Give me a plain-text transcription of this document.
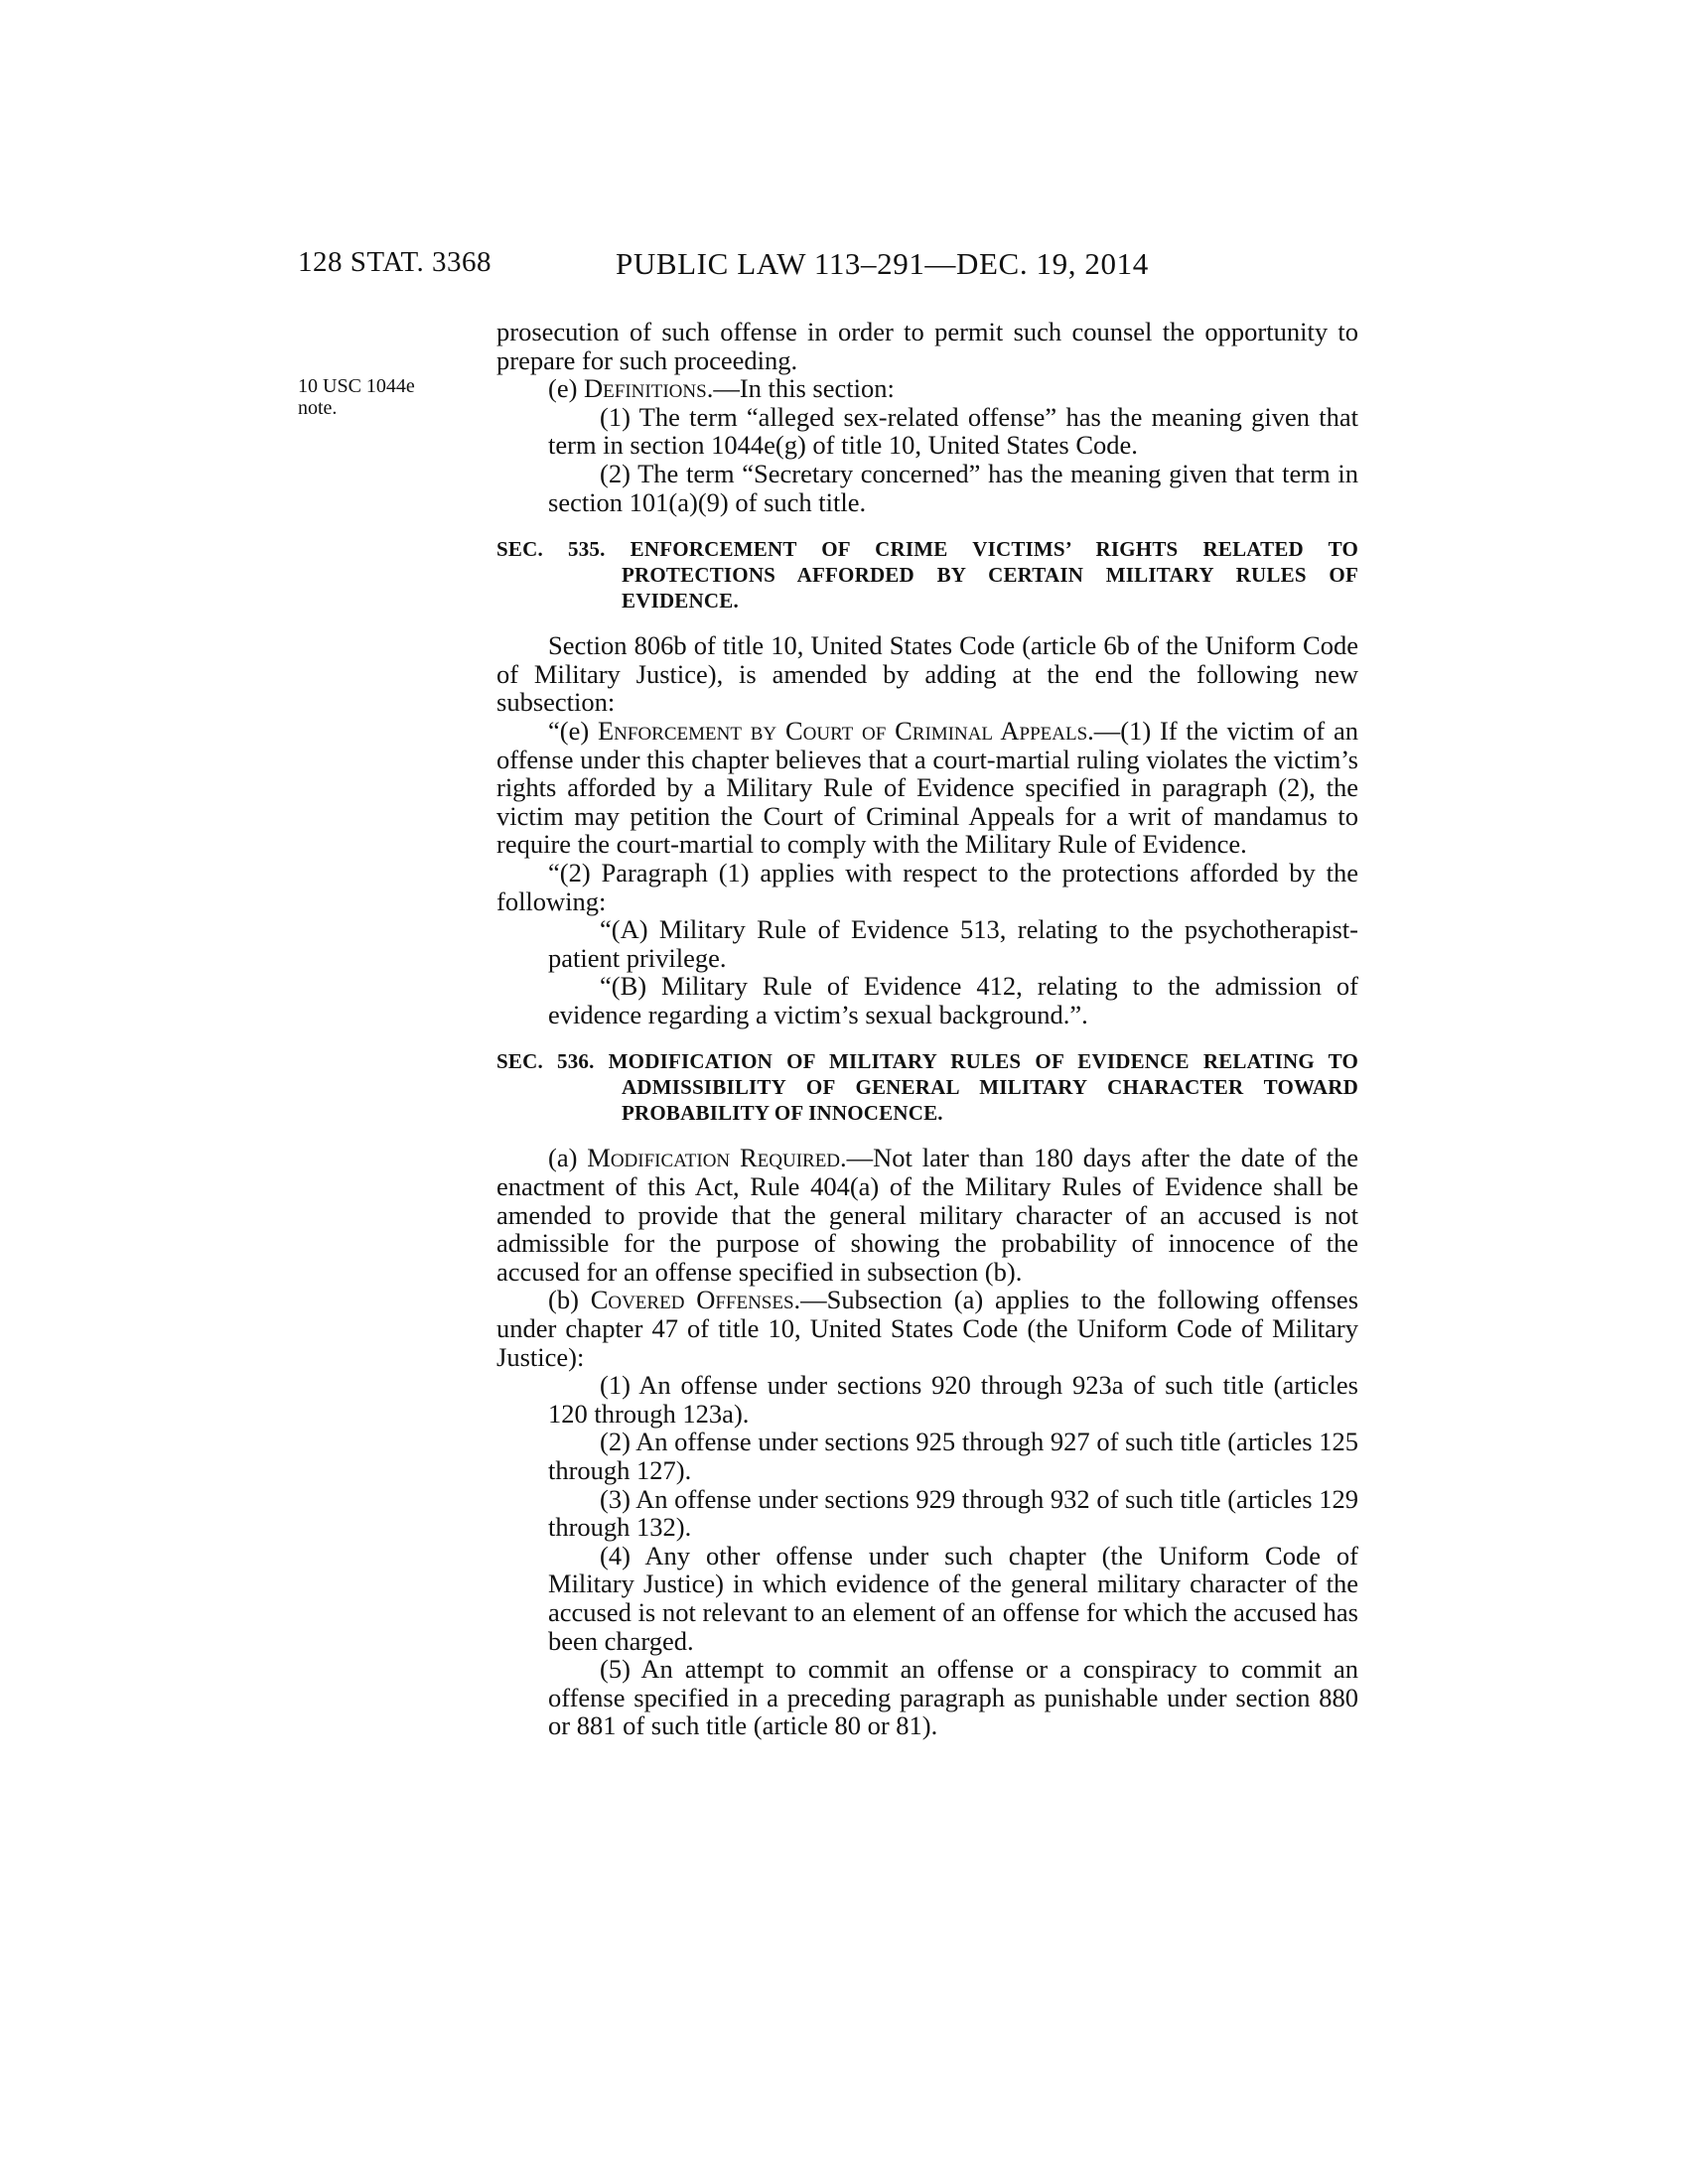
128 STAT. 3368	PUBLIC LAW 113–291—DEC. 19, 2014
10 USC 1044e
note.

prosecution of such offense in order to permit such counsel the opportunity to prepare for such proceeding.

(e) Definitions.—In this section:

(1) The term “alleged sex-related offense” has the meaning given that term in section 1044e(g) of title 10, United States Code.

(2) The term “Secretary concerned” has the meaning given that term in section 101(a)(9) of such title.

SEC. 535. ENFORCEMENT OF CRIME VICTIMS’ RIGHTS RELATED TO PROTECTIONS AFFORDED BY CERTAIN MILITARY RULES OF EVIDENCE.

Section 806b of title 10, United States Code (article 6b of the Uniform Code of Military Justice), is amended by adding at the end the following new subsection:

“(e) Enforcement by Court of Criminal Appeals.—(1) If the victim of an offense under this chapter believes that a court-martial ruling violates the victim’s rights afforded by a Military Rule of Evidence specified in paragraph (2), the victim may petition the Court of Criminal Appeals for a writ of mandamus to require the court-martial to comply with the Military Rule of Evidence.

“(2) Paragraph (1) applies with respect to the protections afforded by the following:

“(A) Military Rule of Evidence 513, relating to the psychotherapist-patient privilege.

“(B) Military Rule of Evidence 412, relating to the admission of evidence regarding a victim’s sexual background.”.

SEC. 536. MODIFICATION OF MILITARY RULES OF EVIDENCE RELATING TO ADMISSIBILITY OF GENERAL MILITARY CHARACTER TOWARD PROBABILITY OF INNOCENCE.

(a) Modification Required.—Not later than 180 days after the date of the enactment of this Act, Rule 404(a) of the Military Rules of Evidence shall be amended to provide that the general military character of an accused is not admissible for the purpose of showing the probability of innocence of the accused for an offense specified in subsection (b).

(b) Covered Offenses.—Subsection (a) applies to the following offenses under chapter 47 of title 10, United States Code (the Uniform Code of Military Justice):

(1) An offense under sections 920 through 923a of such title (articles 120 through 123a).

(2) An offense under sections 925 through 927 of such title (articles 125 through 127).

(3) An offense under sections 929 through 932 of such title (articles 129 through 132).

(4) Any other offense under such chapter (the Uniform Code of Military Justice) in which evidence of the general military character of the accused is not relevant to an element of an offense for which the accused has been charged.

(5) An attempt to commit an offense or a conspiracy to commit an offense specified in a preceding paragraph as punishable under section 880 or 881 of such title (article 80 or 81).
